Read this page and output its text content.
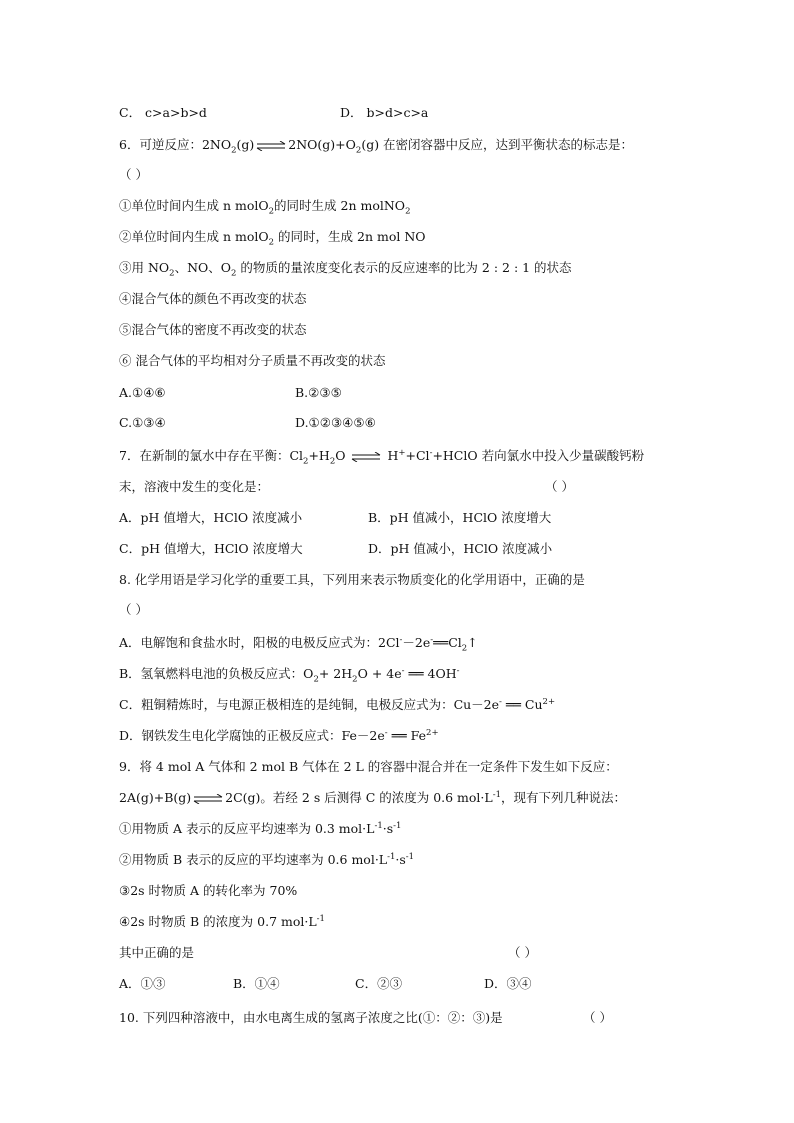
C． c>a>b>d	D． b>d>c>a
6．可逆反应：$2NO_2(g)$ ⇌ $2NO(g)+O_2(g)$ 在密闭容器中反应，达到平衡状态的标志是：
（ ）
①单位时间内生成 n molO$_2$的同时生成 2n molNO$_2$
②单位时间内生成 n molO$_2$ 的同时，生成 2n mol NO
③用 $NO_2$、NO、$O_2$ 的物质的量浓度变化表示的反应速率的比为 2 : 2 : 1 的状态
④混合气体的颜色不再改变的状态
⑤混合气体的密度不再改变的状态
⑥ 混合气体的平均相对分子质量不再改变的状态
A.①④⑥	B.②③⑤
C.①③④	D.①②③④⑤⑥
7．在新制的氯水中存在平衡：$Cl_2+H_2O$ ⇌ H++Cl-+HClO 若向氯水中投入少量碳酸钙粉
末，溶液中发生的变化是：	（ ）
A．pH 值增大，HClO 浓度减小	B．pH 值减小，HClO 浓度增大
C．pH 值增大，HClO 浓度增大	D．pH 值减小，HClO 浓度减小
8. 化学用语是学习化学的重要工具，下列用来表示物质变化的化学用语中，正确的是
（ ）
A．电解饱和食盐水时，阳极的电极反应式为：$2Cl^--2e^-══Cl_2↑$
B．氢氧燃料电池的负极反应式：$O_2+ 2H_2O + 4e^-$ ══ 4OH-
C．粗铜精炼时，与电源正极相连的是纯铜，电极反应式为：Cu－2e- ══ $Cu^{2+}$
D．钢铁发生电化学腐蚀的正极反应式：Fe－2e- ══ $Fe^{2+}$
9．将 4 mol A 气体和 2 mol B 气体在 2 L 的容器中混合并在一定条件下发生如下反应：
2A(g)+B(g) ⇌ 2C(g)。若经 2 s 后测得 C 的浓度为 0.6 $mol\cdot L^{-1}$，现有下列几种说法：
①用物质 A 表示的反应平均速率为 0.3 $mol\cdot L^{-1}\cdot s^{-1}$
②用物质 B 表示的反应的平均速率为 0.6 $mol\cdot L^{-1}\cdot s^{-1}$
③2s 时物质 A 的转化率为 70%
④2s 时物质 B 的浓度为 0.7 $mol\cdot L^{-1}$
其中正确的是	（ ）
A．①③	B．①④	C．②③	D．③④
10. 下列四种溶液中，由水电离生成的氢离子浓度之比(①：②：③)是	（ ）
